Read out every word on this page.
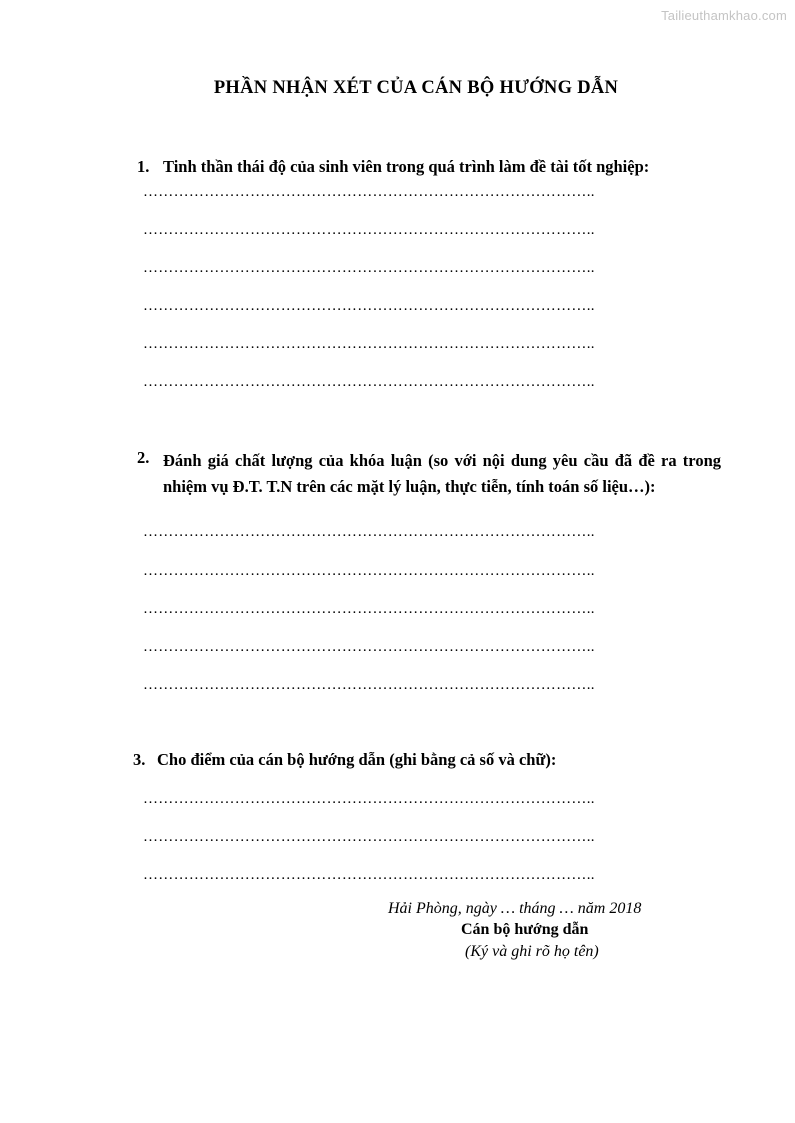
Tailieuthamkhao.com
PHẦN NHẬN XÉT CỦA CÁN BỘ HƯỚNG DẪN
1. Tinh thần thái độ của sinh viên trong quá trình làm đề tài tốt nghiệp:
2. Đánh giá chất lượng của khóa luận (so với nội dung yêu cầu đã đề ra trong nhiệm vụ Đ.T. T.N trên các mặt lý luận, thực tiễn, tính toán số liệu…):
3. Cho điểm của cán bộ hướng dẫn (ghi bằng cả số và chữ):
……………………………………………………………………………..
……………………………………………………………………………..
……………………………………………………………………………..
……………………………………………………………………………..
……………………………………………………………………………..
……………………………………………………………………………..
……………………………………………………………………………..
……………………………………………………………………………..
……………………………………………………………………………..
……………………………………………………………………………..
……………………………………………………………………………..
……………………………………………………………………………..
……………………………………………………………………………..
……………………………………………………………………………..
Hải Phòng, ngày … tháng … năm 2018
Cán bộ hướng dẫn
(Ký và ghi rõ họ tên)
